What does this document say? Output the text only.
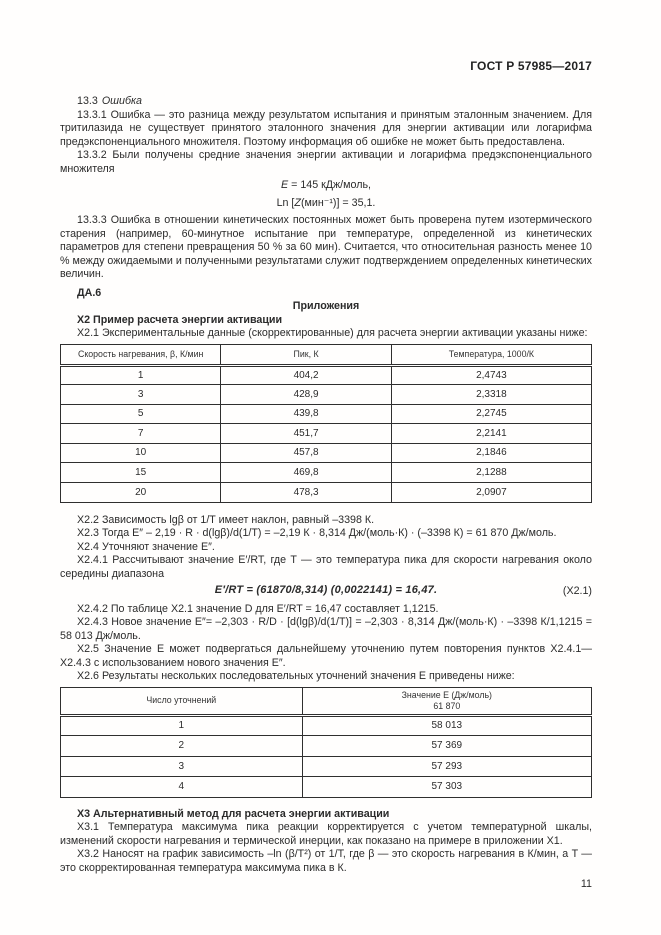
ГОСТ Р 57985—2017

13.3 Ошибка

13.3.1 Ошибка — это разница между результатом испытания и принятым эталонным значением. Для тритилазида не существует принятого эталонного значения для энергии активации или логарифма предэкспоненциального множителя. Поэтому информация об ошибке не может быть предоставлена.

13.3.2 Были получены средние значения энергии активации и логарифма предэкспоненциального множителя

E = 145 кДж/моль,
Ln [Z(мин⁻¹)] = 35,1.

13.3.3 Ошибка в отношении кинетических постоянных может быть проверена путем изотермического старения (например, 60-минутное испытание при температуре, определенной из кинетических параметров для степени превращения 50 % за 60 мин). Считается, что относительная разность менее 10 % между ожидаемыми и полученными результатами служит подтверждением определенных кинетических величин.

ДА.6

Приложения

Х2 Пример расчета энергии активации

Х2.1 Экспериментальные данные (скорректированные) для расчета энергии активации указаны ниже:

Скорость нагревания, β, К/мин	Пик, К	Температура, 1000/К
1	404,2	2,4743
3	428,9	2,3318
5	439,8	2,2745
7	451,7	2,2141
10	457,8	2,1846
15	469,8	2,1288
20	478,3	2,0907

Х2.2 Зависимость lgβ от 1/T имеет наклон, равный –3398 К.

Х2.3 Тогда E″ – 2,19 · R · d(lgβ)/d(1/T) = –2,19 К · 8,314 Дж/(моль·К) · (–3398 К) = 61 870 Дж/моль.

Х2.4 Уточняют значение E″.

Х2.4.1 Рассчитывают значение E′/RT, где T — это температура пика для скорости нагревания около середины диапазона

E′/RT = (61870/8,314) (0,0022141) = 16,47.	(Х2.1)

Х2.4.2 По таблице Х2.1 значение D для E′/RT = 16,47 составляет 1,1215.

Х2.4.3 Новое значение E″= –2,303 · R/D · [d(lgβ)/d(1/T)] = –2,303 · 8,314 Дж/(моль·К) · –3398 К/1,1215 = 58 013 Дж/моль.

Х2.5 Значение E может подвергаться дальнейшему уточнению путем повторения пунктов Х2.4.1—Х2.4.3 с использованием нового значения E″.

Х2.6 Результаты нескольких последовательных уточнений значения E приведены ниже:

Число уточнений	Значение E (Дж/моль)
61 870

1	58 013
2	57 369
3	57 293
4	57 303

Х3 Альтернативный метод для расчета энергии активации

Х3.1 Температура максимума пика реакции корректируется с учетом температурной шкалы, изменений скорости нагревания и термической инерции, как показано на примере в приложении Х1.

Х3.2 Наносят на график зависимость –ln (β/T²) от 1/T, где β — это скорость нагревания в К/мин, а T — это скорректированная температура максимума пика в К.

11
